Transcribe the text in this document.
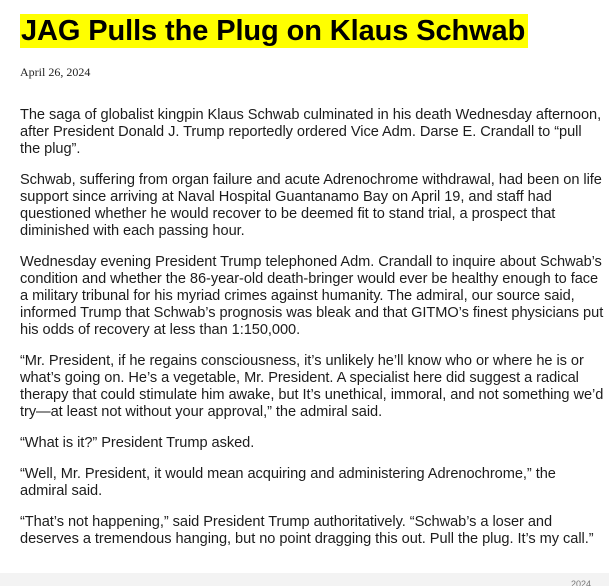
JAG Pulls the Plug on Klaus Schwab
April 26, 2024

The saga of globalist kingpin Klaus Schwab culminated in his death Wednesday afternoon, after President Donald J. Trump reportedly ordered Vice Adm. Darse E. Crandall to “pull the plug”.

Schwab, suffering from organ failure and acute Adrenochrome withdrawal, had been on life support since arriving at Naval Hospital Guantanamo Bay on April 19, and staff had questioned whether he would recover to be deemed fit to stand trial, a prospect that diminished with each passing hour.

Wednesday evening President Trump telephoned Adm. Crandall to inquire about Schwab’s condition and whether the 86-year-old death-bringer would ever be healthy enough to face a military tribunal for his myriad crimes against humanity. The admiral, our source said, informed Trump that Schwab’s prognosis was bleak and that GITMO’s finest physicians put his odds of recovery at less than 1:150,000.

“Mr. President, if he regains consciousness, it’s unlikely he’ll know who or where he is or what’s going on. He’s a vegetable, Mr. President. A specialist here did suggest a radical therapy that could stimulate him awake, but It’s unethical, immoral, and not something we’d try—at least not without your approval,” the admiral said.

“What is it?” President Trump asked.

“Well, Mr. President, it would mean acquiring and administering Adrenochrome,” the admiral said.

“That’s not happening,” said President Trump authoritatively. “Schwab’s a loser and deserves a tremendous hanging, but no point dragging this out. Pull the plug. It’s my call.”

2024
